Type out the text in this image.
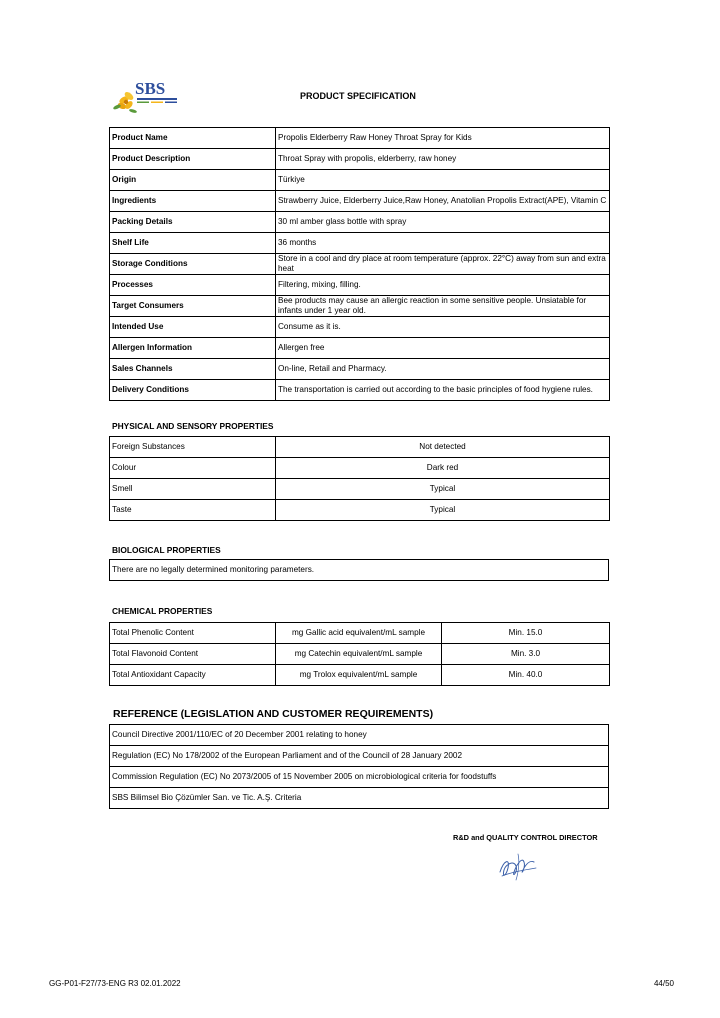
SBS	PRODUCT SPECIFICATION
Product Name	Propolis Elderberry Raw Honey Throat Spray for Kids
Product Description	Throat Spray with propolis, elderberry, raw honey
Origin	Türkiye
Ingredients	Strawberry Juice, Elderberry Juice,Raw Honey, Anatolian Propolis Extract(APE), Vitamin C
Packing Details	30 ml amber glass bottle with spray
Shelf Life	36 months
Storage Conditions	Store in a cool and dry place at room temperature (approx. 22°C) away from sun and extra heat
Processes	Filtering, mixing, filling.
Target Consumers	Bee products may cause an allergic reaction in some sensitive people. Unsiatable for infants under 1 year old.
Intended Use	Consume as it is.
Allergen Information	Allergen free
Sales Channels	On-line, Retail and Pharmacy.
Delivery Conditions	The transportation is carried out according to the basic principles of food hygiene rules.
PHYSICAL AND SENSORY PROPERTIES
Foreign Substances	Not detected
Colour	Dark red
Smell	Typical
Taste	Typical
BIOLOGICAL PROPERTIES
There are no legally determined monitoring parameters.
CHEMICAL PROPERTIES
Total Phenolic Content	mg Gallic acid equivalent/mL sample	Min. 15.0
Total Flavonoid Content	mg Catechin equivalent/mL sample	Min. 3.0
Total Antioxidant Capacity	mg Trolox equivalent/mL sample	Min. 40.0
REFERENCE (LEGISLATION AND CUSTOMER REQUIREMENTS)
Council Directive 2001/110/EC of 20 December 2001 relating to honey
Regulation (EC) No 178/2002 of the European Parliament and of the Council of 28 January 2002
Commission Regulation (EC) No 2073/2005 of 15 November 2005 on microbiological criteria for foodstuffs
SBS Bilimsel Bio Çözümler San. ve Tic. A.Ş. Criteria
R&D and QUALITY CONTROL DIRECTOR
GG-P01-F27/73-ENG R3 02.01.2022	44/50
